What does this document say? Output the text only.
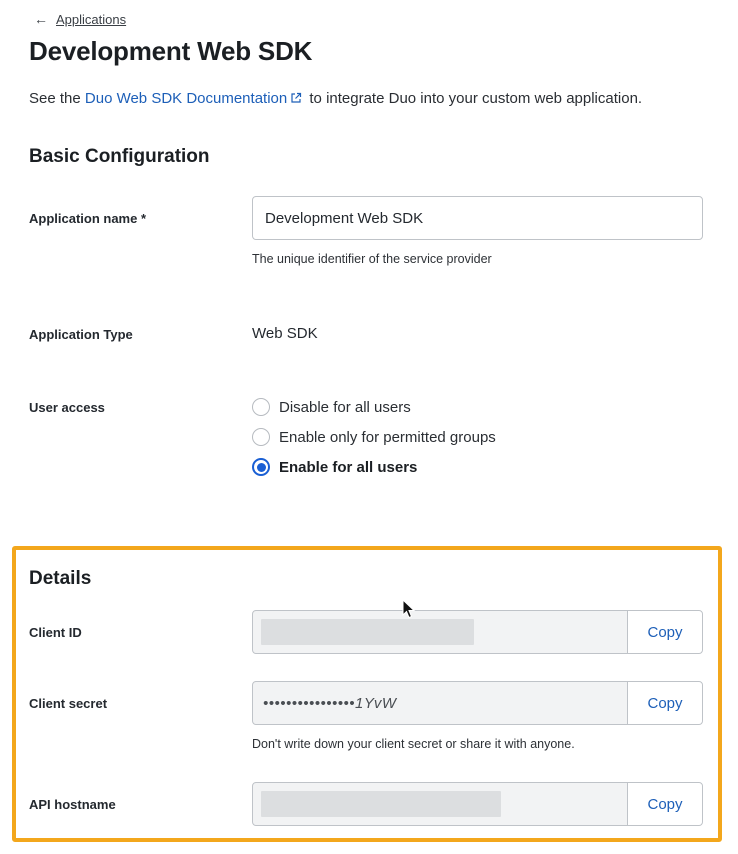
← Applications
Development Web SDK
See the Duo Web SDK Documentation to integrate Duo into your custom web application.
Basic Configuration
Application name *	Development Web SDK
The unique identifier of the service provider
Application Type	Web SDK
User access	Disable for all users
Enable only for permitted groups
Enable for all users
Details
Client ID	Copy
Client secret	••••••••••••••••1YvW	Copy
Don't write down your client secret or share it with anyone.
API hostname	Copy
